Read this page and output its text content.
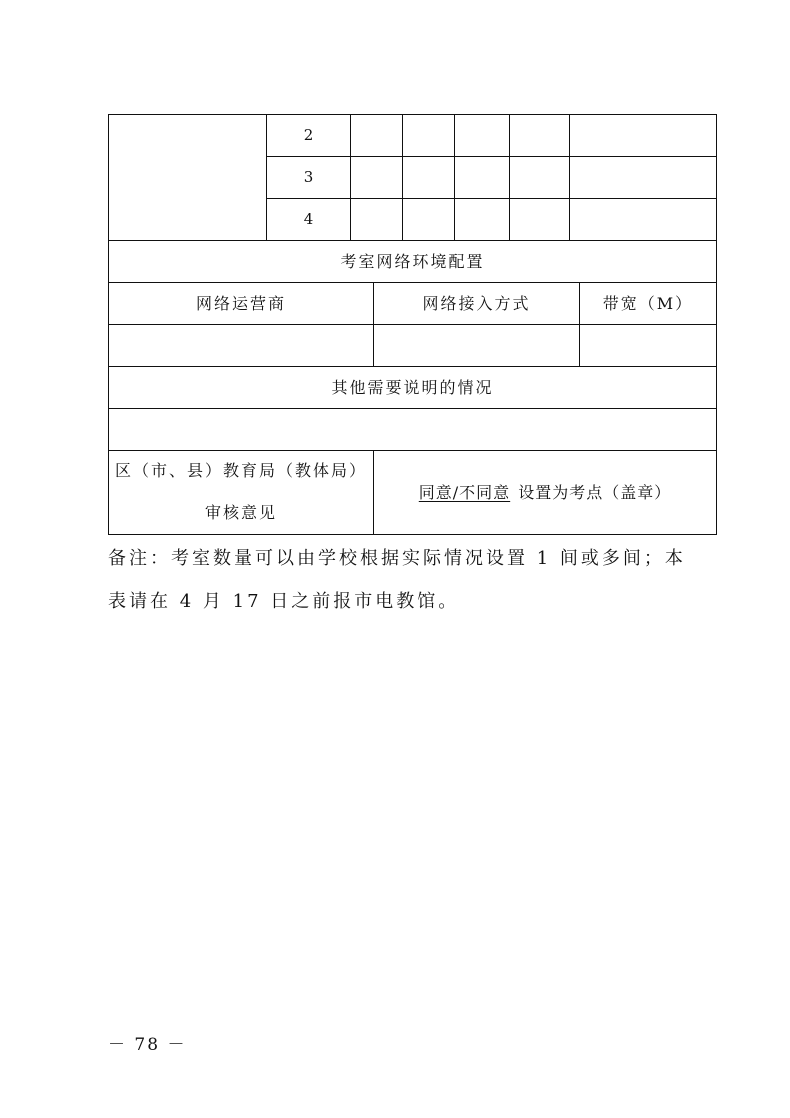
2
3
4
考室网络环境配置
网络运营商	网络接入方式	带宽（M）
其他需要说明的情况
区（市、县）教育局（教体局）
审核意见
同意/不同意 设置为考点（盖章）
备注：考室数量可以由学校根据实际情况设置 1 间或多间；本
表请在 4 月 17 日之前报市电教馆。
－ 78 －
